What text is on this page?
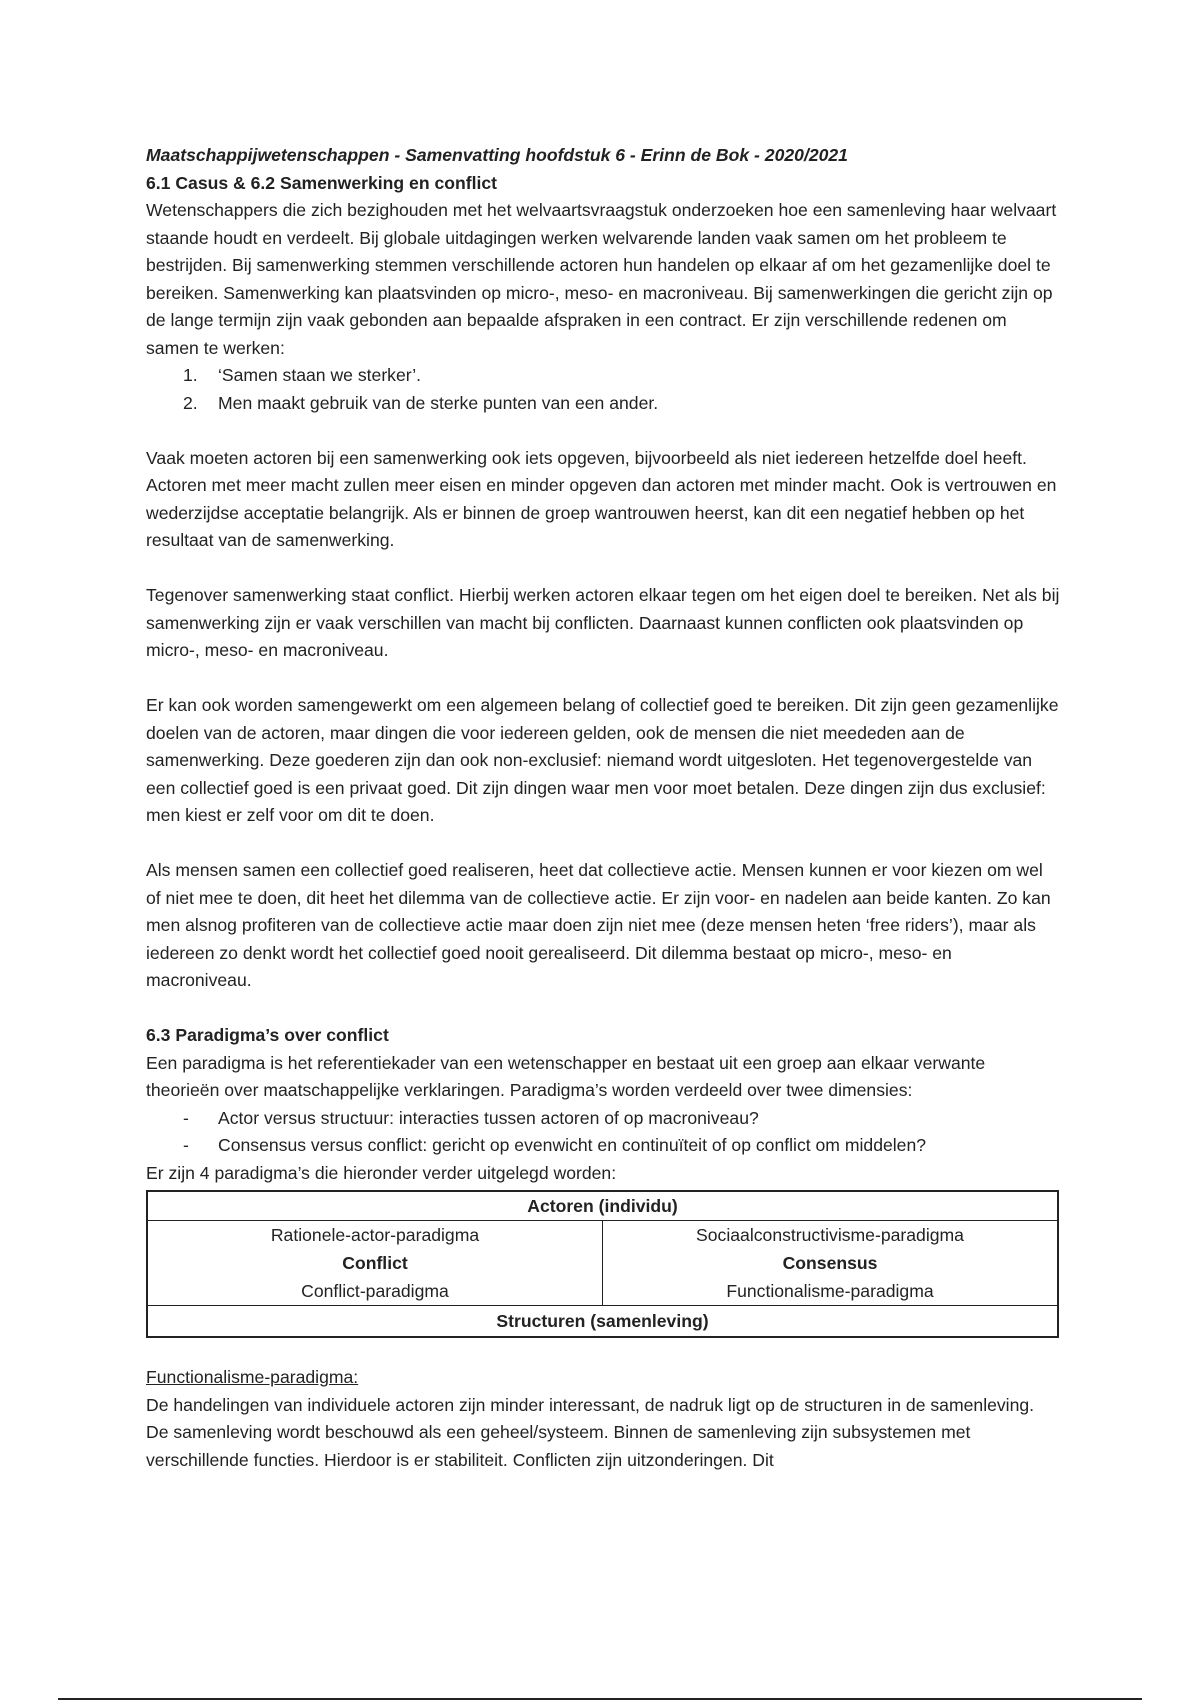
Maatschappijwetenschappen - Samenvatting hoofdstuk 6 - Erinn de Bok - 2020/2021

6.1 Casus & 6.2 Samenwerking en conflict

Wetenschappers die zich bezighouden met het welvaartsvraagstuk onderzoeken hoe een samenleving haar welvaart staande houdt en verdeelt. Bij globale uitdagingen werken welvarende landen vaak samen om het probleem te bestrijden. Bij samenwerking stemmen verschillende actoren hun handelen op elkaar af om het gezamenlijke doel te bereiken. Samenwerking kan plaatsvinden op micro-, meso- en macroniveau. Bij samenwerkingen die gericht zijn op de lange termijn zijn vaak gebonden aan bepaalde afspraken in een contract. Er zijn verschillende redenen om samen te werken:

1. ‘Samen staan we sterker’.
2. Men maakt gebruik van de sterke punten van een ander.

Vaak moeten actoren bij een samenwerking ook iets opgeven, bijvoorbeeld als niet iedereen hetzelfde doel heeft. Actoren met meer macht zullen meer eisen en minder opgeven dan actoren met minder macht. Ook is vertrouwen en wederzijdse acceptatie belangrijk. Als er binnen de groep wantrouwen heerst, kan dit een negatief hebben op het resultaat van de samenwerking.

Tegenover samenwerking staat conflict. Hierbij werken actoren elkaar tegen om het eigen doel te bereiken. Net als bij samenwerking zijn er vaak verschillen van macht bij conflicten. Daarnaast kunnen conflicten ook plaatsvinden op micro-, meso- en macroniveau.

Er kan ook worden samengewerkt om een algemeen belang of collectief goed te bereiken. Dit zijn geen gezamenlijke doelen van de actoren, maar dingen die voor iedereen gelden, ook de mensen die niet meededen aan de samenwerking. Deze goederen zijn dan ook non-exclusief: niemand wordt uitgesloten. Het tegenovergestelde van een collectief goed is een privaat goed. Dit zijn dingen waar men voor moet betalen. Deze dingen zijn dus exclusief: men kiest er zelf voor om dit te doen.

Als mensen samen een collectief goed realiseren, heet dat collectieve actie. Mensen kunnen er voor kiezen om wel of niet mee te doen, dit heet het dilemma van de collectieve actie. Er zijn voor- en nadelen aan beide kanten. Zo kan men alsnog profiteren van de collectieve actie maar doen zijn niet mee (deze mensen heten ‘free riders’), maar als iedereen zo denkt wordt het collectief goed nooit gerealiseerd. Dit dilemma bestaat op micro-, meso- en macroniveau.

6.3 Paradigma’s over conflict

Een paradigma is het referentiekader van een wetenschapper en bestaat uit een groep aan elkaar verwante theorieën over maatschappelijke verklaringen. Paradigma’s worden verdeeld over twee dimensies:

- Actor versus structuur: interacties tussen actoren of op macroniveau?
- Consensus versus conflict: gericht op evenwicht en continuïteit of op conflict om middelen?

Er zijn 4 paradigma’s die hieronder verder uitgelegd worden:

Actoren (individu)	
Rationele-actor-paradigma	Sociaalconstructivisme-paradigma
Conflict	Consensus
Conflict-paradigma	Functionalisme-paradigma
Structuren (samenleving)	

Functionalisme-paradigma:

De handelingen van individuele actoren zijn minder interessant, de nadruk ligt op de structuren in de samenleving. De samenleving wordt beschouwd als een geheel/systeem. Binnen de samenleving zijn subsystemen met verschillende functies. Hierdoor is er stabiliteit. Conflicten zijn uitzonderingen. Dit
